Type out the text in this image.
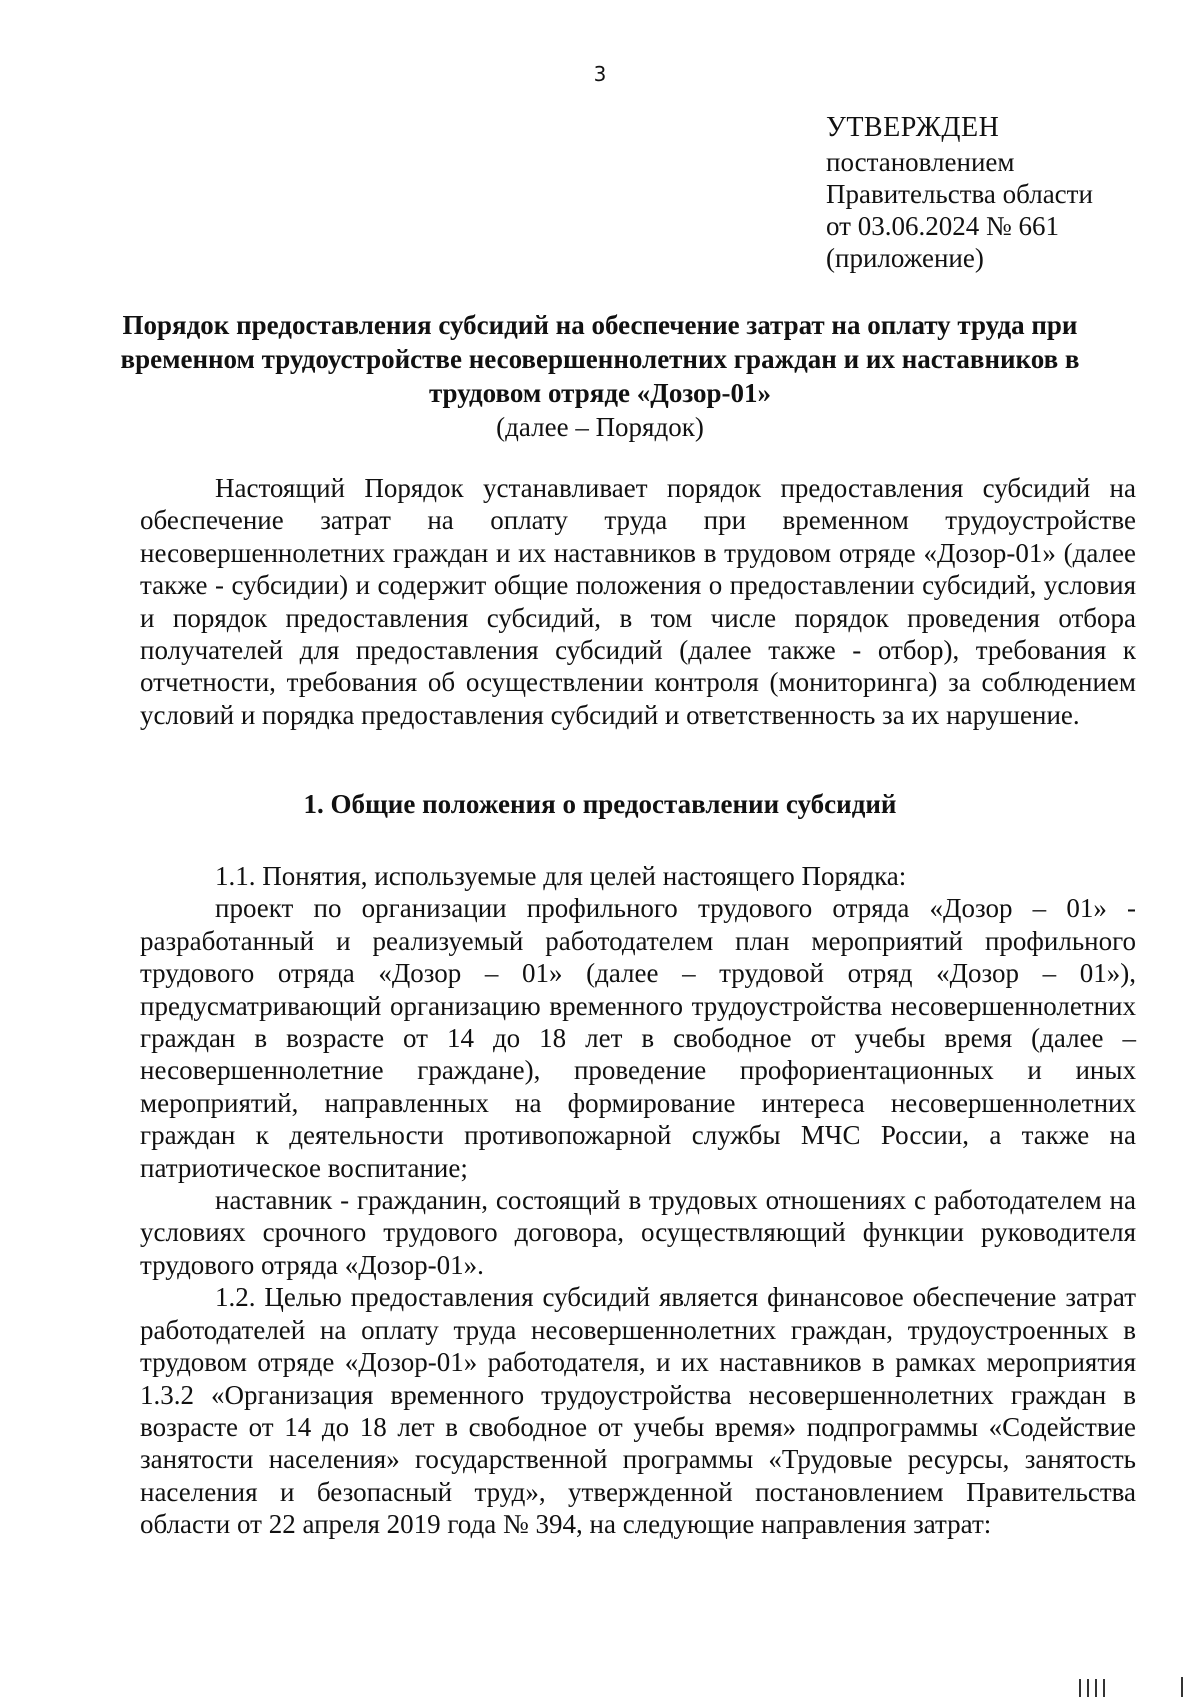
3
УТВЕРЖДЕН
постановлением
Правительства области
от 03.06.2024 № 661
(приложение)
Порядок предоставления субсидий на обеспечение затрат на оплату труда при временном трудоустройстве несовершеннолетних граждан и их наставников в трудовом отряде «Дозор-01»
(далее – Порядок)

Настоящий Порядок устанавливает порядок предоставления субсидий на обеспечение затрат на оплату труда при временном трудоустройстве несовершеннолетних граждан и их наставников в трудовом отряде «Дозор-01» (далее также - субсидии) и содержит общие положения о предоставлении субсидий, условия и порядок предоставления субсидий, в том числе порядок проведения отбора получателей для предоставления субсидий (далее также - отбор), требования к отчетности, требования об осуществлении контроля (мониторинга) за соблюдением условий и порядка предоставления субсидий и ответственность за их нарушение.

1. Общие положения о предоставлении субсидий

1.1. Понятия, используемые для целей настоящего Порядка:

проект по организации профильного трудового отряда «Дозор – 01» - разработанный и реализуемый работодателем план мероприятий профильного трудового отряда «Дозор – 01» (далее – трудовой отряд «Дозор – 01»), предусматривающий организацию временного трудоустройства несовершеннолетних граждан в возрасте от 14 до 18 лет в свободное от учебы время (далее – несовершеннолетние граждане), проведение профориентационных и иных мероприятий, направленных на формирование интереса несовершеннолетних граждан к деятельности противопожарной службы МЧС России, а также на патриотическое воспитание;

наставник - гражданин, состоящий в трудовых отношениях с работодателем на условиях срочного трудового договора, осуществляющий функции руководителя трудового отряда «Дозор-01».

1.2. Целью предоставления субсидий является финансовое обеспечение затрат работодателей на оплату труда несовершеннолетних граждан, трудоустроенных в трудовом отряде «Дозор-01» работодателя, и их наставников в рамках мероприятия 1.3.2 «Организация временного трудоустройства несовершеннолетних граждан в возрасте от 14 до 18 лет в свободное от учебы время» подпрограммы «Содействие занятости населения» государственной программы «Трудовые ресурсы, занятость населения и безопасный труд», утвержденной постановлением Правительства области от 22 апреля 2019 года № 394, на следующие направления затрат:
